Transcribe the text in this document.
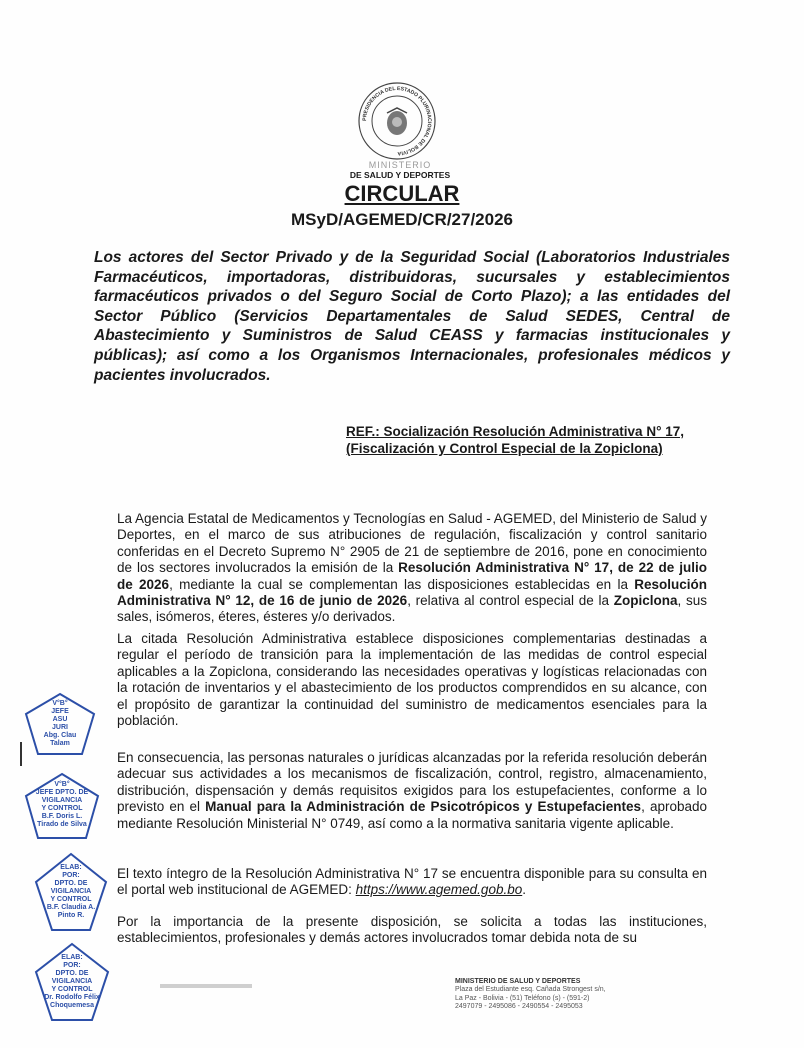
PRESIDENCIA DEL ESTADO PLURINACIONAL DE BOLIVIA
MINISTERIO
DE SALUD Y DEPORTES
CIRCULAR
MSyD/AGEMED/CR/27/2026
Los actores del Sector Privado y de la Seguridad Social (Laboratorios Industriales Farmacéuticos, importadoras, distribuidoras, sucursales y establecimientos farmacéuticos privados o del Seguro Social de Corto Plazo); a las entidades del Sector Público (Servicios Departamentales de Salud SEDES, Central de Abastecimiento y Suministros de Salud CEASS y farmacias institucionales y públicas); así como a los Organismos Internacionales, profesionales médicos y pacientes involucrados.
REF.: Socialización Resolución Administrativa N° 17,
(Fiscalización y Control Especial de la Zopiclona)
La Agencia Estatal de Medicamentos y Tecnologías en Salud - AGEMED, del Ministerio de Salud y Deportes, en el marco de sus atribuciones de regulación, fiscalización y control sanitario conferidas en el Decreto Supremo N° 2905 de 21 de septiembre de 2016, pone en conocimiento de los sectores involucrados la emisión de la Resolución Administrativa N° 17, de 22 de julio de 2026, mediante la cual se complementan las disposiciones establecidas en la Resolución Administrativa N° 12, de 16 de junio de 2026, relativa al control especial de la Zopiclona, sus sales, isómeros, éteres, ésteres y/o derivados.
La citada Resolución Administrativa establece disposiciones complementarias destinadas a regular el período de transición para la implementación de las medidas de control especial aplicables a la Zopiclona, considerando las necesidades operativas y logísticas relacionadas con la rotación de inventarios y el abastecimiento de los productos comprendidos en su alcance, con el propósito de garantizar la continuidad del suministro de medicamentos esenciales para la población.
En consecuencia, las personas naturales o jurídicas alcanzadas por la referida resolución deberán adecuar sus actividades a los mecanismos de fiscalización, control, registro, almacenamiento, distribución, dispensación y demás requisitos exigidos para los estupefacientes, conforme a lo previsto en el Manual para la Administración de Psicotrópicos y Estupefacientes, aprobado mediante Resolución Ministerial N° 0749, así como a la normativa sanitaria vigente aplicable.
El texto íntegro de la Resolución Administrativa N° 17 se encuentra disponible para su consulta en el portal web institucional de AGEMED: https://www.agemed.gob.bo.
Por la importancia de la presente disposición, se solicita a todas las instituciones, establecimientos, profesionales y demás actores involucrados tomar debida nota de su
V°B°
JEFE
ASU
JURI
Abg. Clau
Talam
V°B°
JEFE DPTO. DE
VIGILANCIA
Y CONTROL
B.F. Doris L.
Tirado de Silva
ELAB:
POR:
DPTO. DE
VIGILANCIA
Y CONTROL
B.F. Claudia A.
Pinto R.
ELAB:
POR:
DPTO. DE
VIGILANCIA
Y CONTROL
Dr. Rodolfo Félix
Choquemesa
MINISTERIO DE SALUD Y DEPORTES
Plaza del Estudiante esq. Cañada Strongest s/n,
La Paz - Bolivia - (51) Teléfono (s) - (591-2)
2497079 - 2495086 - 2490554 - 2495053
